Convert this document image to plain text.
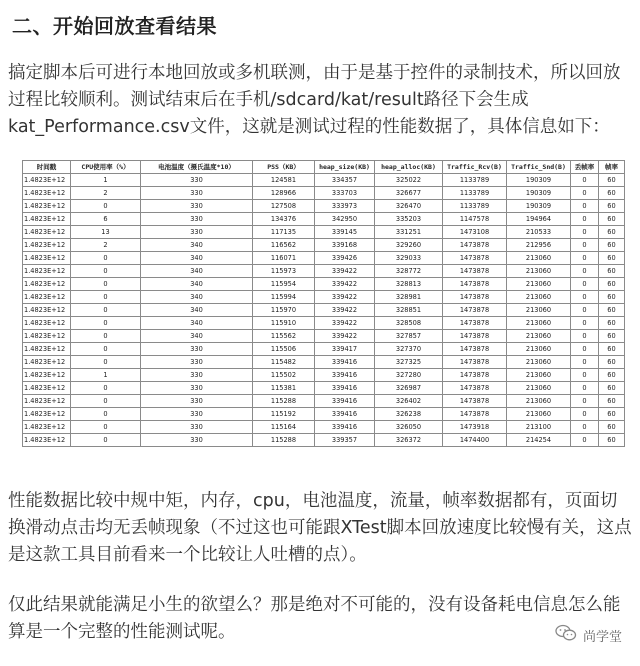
二、开始回放查看结果
搞定脚本后可进行本地回放或多机联测，由于是基于控件的录制技术，所以回放过程比较顺利。测试结束后在手机/sdcard/kat/result路径下会生成kat_Performance.csv文件，这就是测试过程的性能数据了，具体信息如下：
时间戳	CPU使用率（%）	电池温度（摄氏温度*10）	PSS（KB）	heap_size(KB)	heap_alloc(KB)	Traffic_Rcv(B)	Traffic_Snd(B)	丢帧率	帧率
1.4823E+12	1	330	124581	334357	325022	1133789	190309	0	60
1.4823E+12	2	330	128966	333703	326677	1133789	190309	0	60
1.4823E+12	0	330	127508	333973	326470	1133789	190309	0	60
1.4823E+12	6	330	134376	342950	335203	1147578	194964	0	60
1.4823E+12	13	330	117135	339145	331251	1473108	210533	0	60
1.4823E+12	2	340	116562	339168	329260	1473878	212956	0	60
1.4823E+12	0	340	116071	339426	329033	1473878	213060	0	60
1.4823E+12	0	340	115973	339422	328772	1473878	213060	0	60
1.4823E+12	0	340	115954	339422	328813	1473878	213060	0	60
1.4823E+12	0	340	115994	339422	328981	1473878	213060	0	60
1.4823E+12	0	340	115970	339422	328851	1473878	213060	0	60
1.4823E+12	0	340	115910	339422	328508	1473878	213060	0	60
1.4823E+12	0	340	115562	339422	327857	1473878	213060	0	60
1.4823E+12	0	330	115506	339417	327370	1473878	213060	0	60
1.4823E+12	0	330	115482	339416	327325	1473878	213060	0	60
1.4823E+12	1	330	115502	339416	327280	1473878	213060	0	60
1.4823E+12	0	330	115381	339416	326987	1473878	213060	0	60
1.4823E+12	0	330	115288	339416	326402	1473878	213060	0	60
1.4823E+12	0	330	115192	339416	326238	1473878	213060	0	60
1.4823E+12	0	330	115164	339416	326050	1473918	213100	0	60
1.4823E+12	0	330	115288	339357	326372	1474400	214254	0	60
性能数据比较中规中矩，内存，cpu，电池温度，流量，帧率数据都有，页面切换滑动点击均无丢帧现象（不过这也可能跟XTest脚本回放速度比较慢有关，这点是这款工具目前看来一个比较让人吐槽的点）。
仅此结果就能满足小生的欲望么？那是绝对不可能的，没有设备耗电信息怎么能算是一个完整的性能测试呢。	尚学堂
